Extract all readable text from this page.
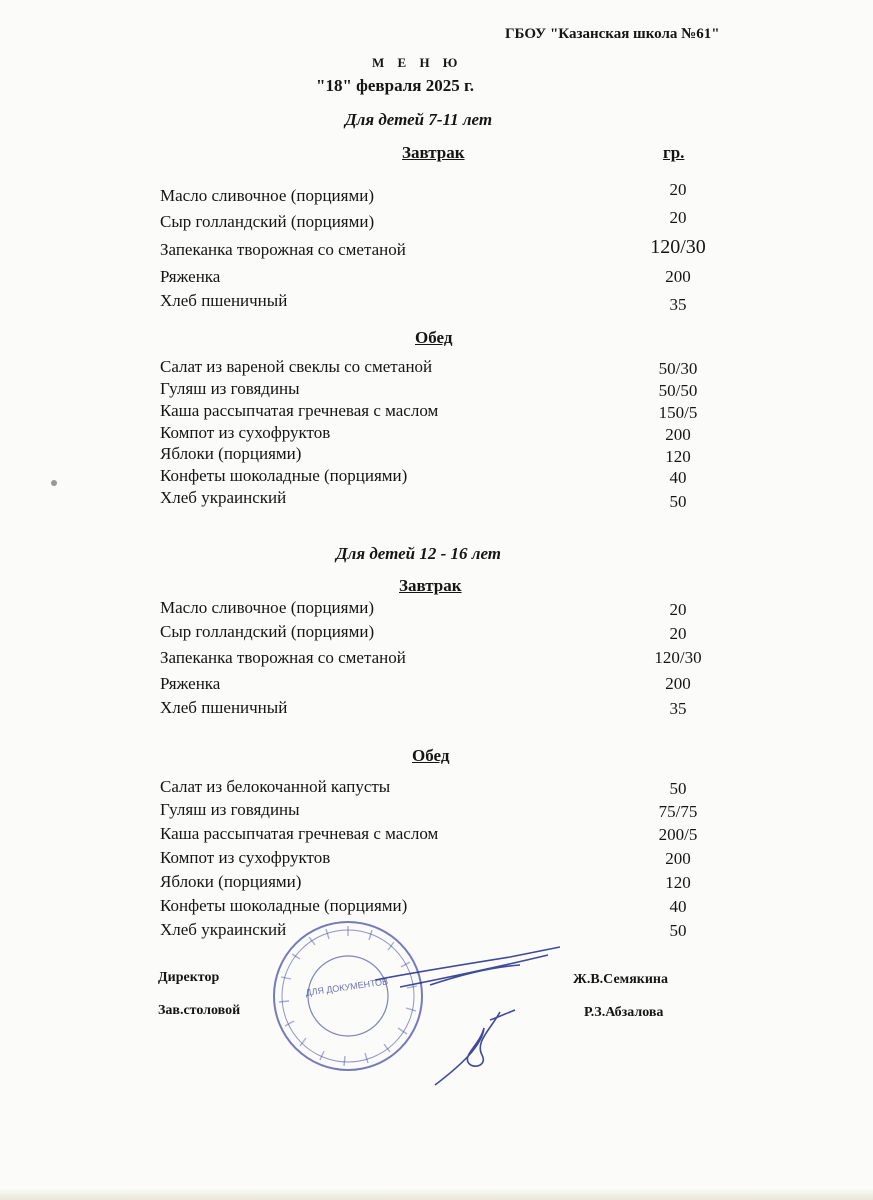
ГБОУ "Казанская школа №61"
М Е Н Ю
"18" февраля 2025 г.
Для детей 7-11 лет
Завтрак	гр.
Масло сливочное (порциями)	20
Сыр голландский (порциями)	20
Запеканка творожная со сметаной	120/30
Ряженка	200
Хлеб пшеничный	35
Обед
Салат из вареной свеклы со сметаной	50/30
Гуляш из говядины	50/50
Каша рассыпчатая гречневая с маслом	150/5
Компот из сухофруктов	200
Яблоки (порциями)	120
Конфеты шоколадные (порциями)	40
Хлеб украинский	50
Для детей 12 - 16 лет
Завтрак
Масло сливочное (порциями)	20
Сыр голландский (порциями)	20
Запеканка творожная со сметаной	120/30
Ряженка	200
Хлеб пшеничный	35
Обед
Салат из белокочанной капусты	50
Гуляш из говядины	75/75
Каша рассыпчатая гречневая с маслом	200/5
Компот из сухофруктов	200
Яблоки (порциями)	120
Конфеты шоколадные (порциями)	40
Хлеб украинский	50
Директор	Ж.В.Семякина
Зав.столовой	Р.З.Абзалова
ДЛЯ ДОКУМЕНТОВ
